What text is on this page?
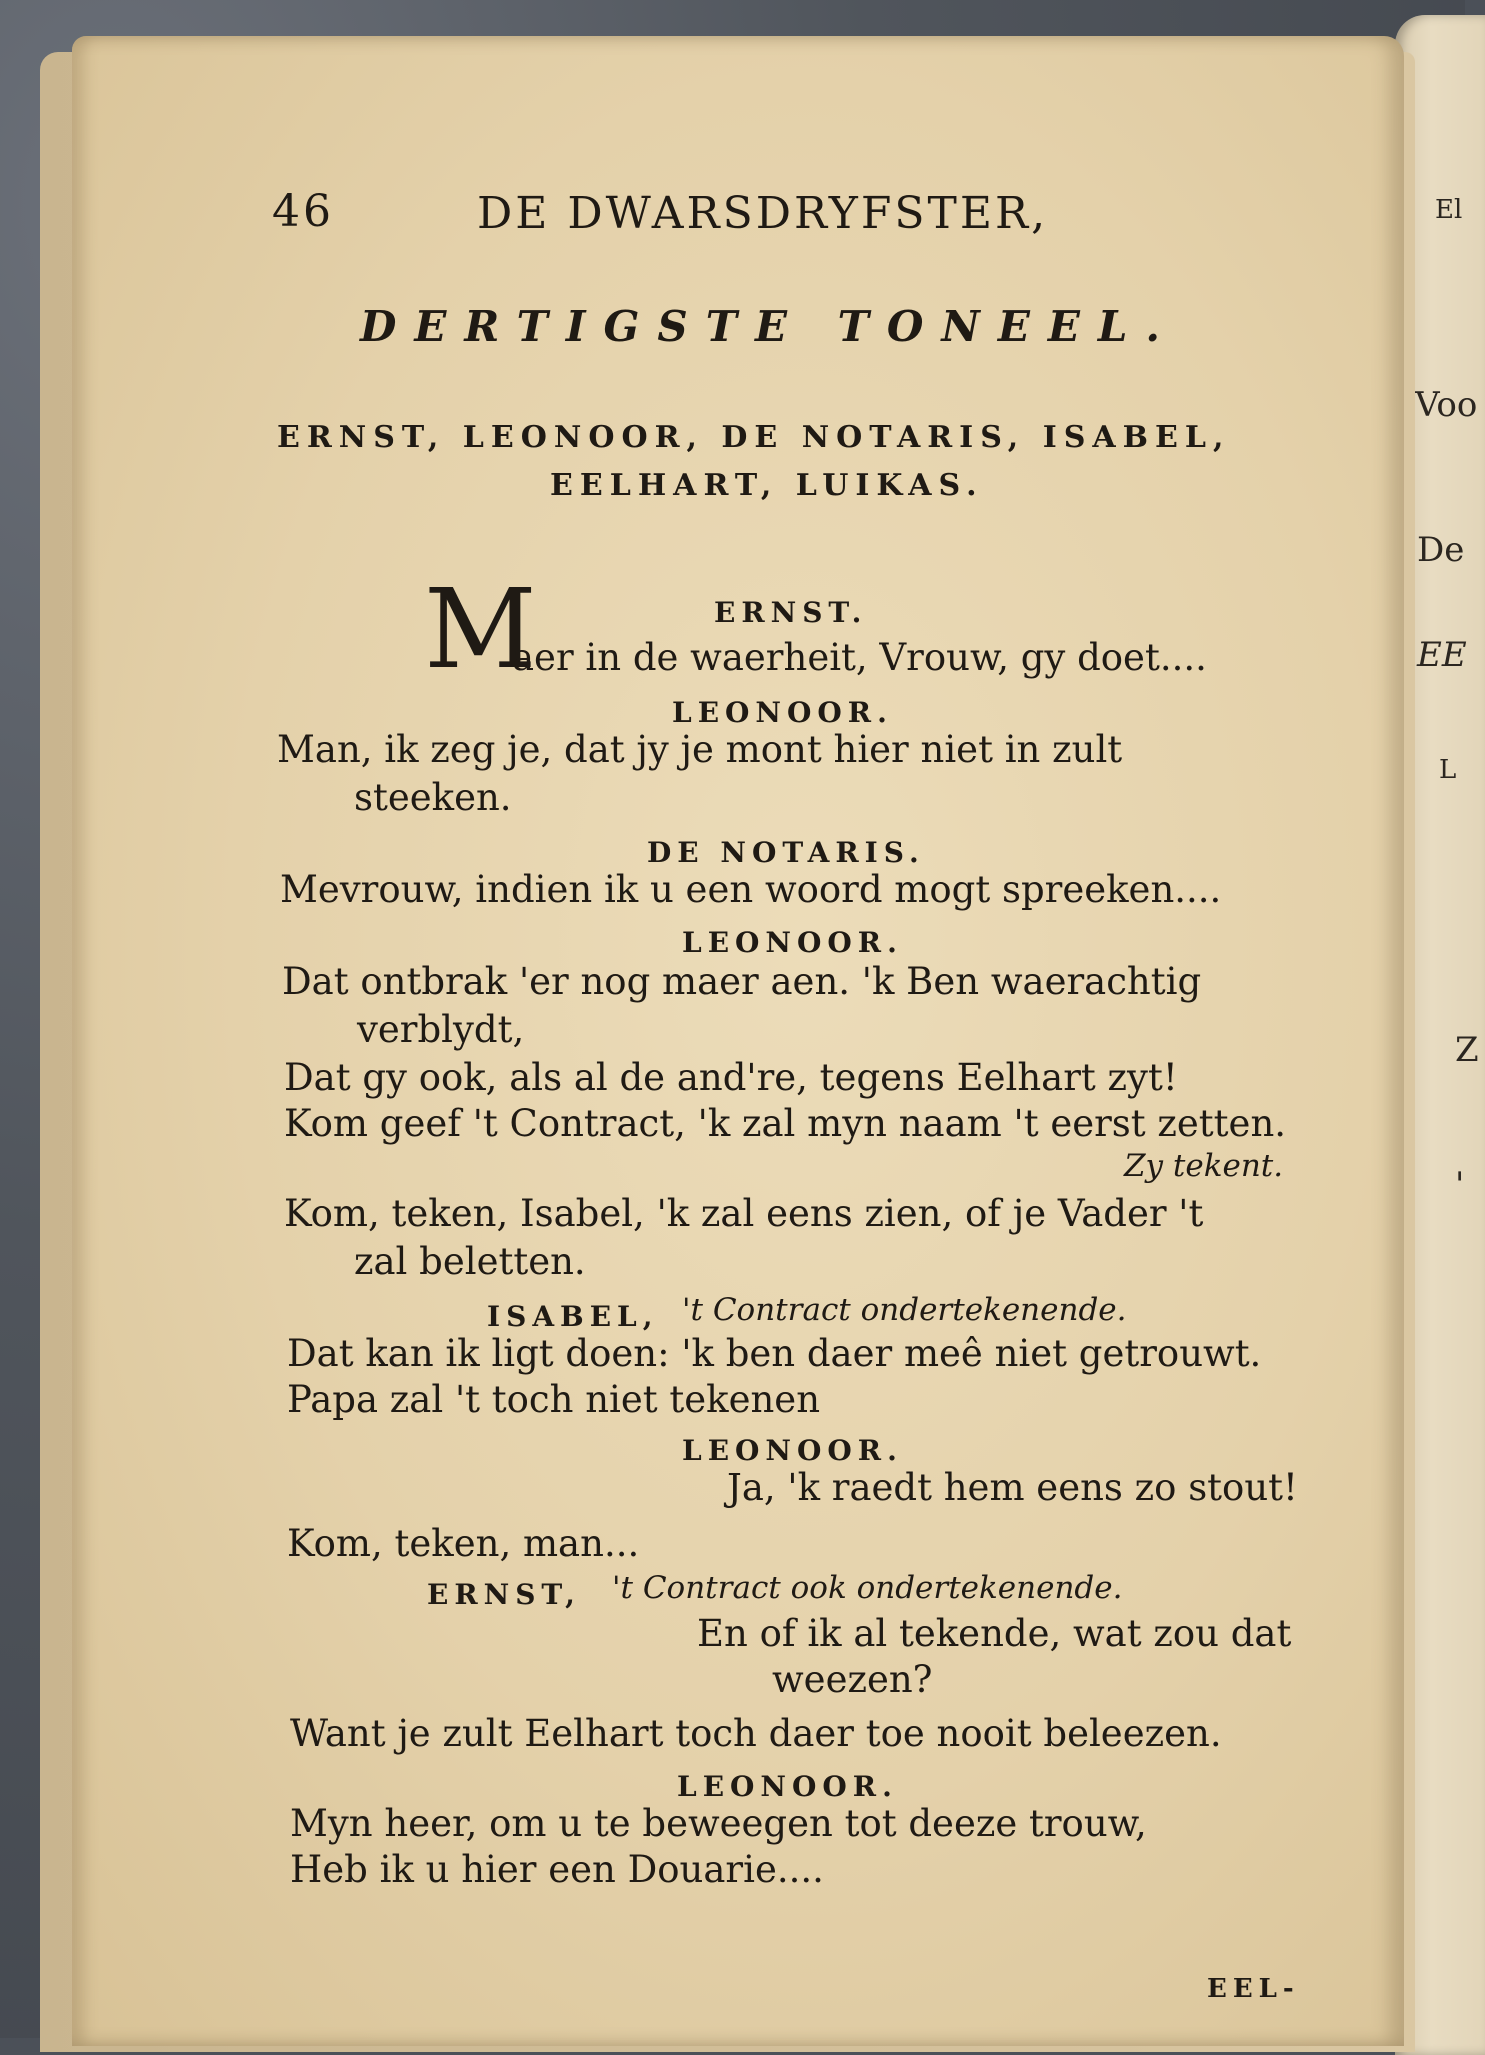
El
Voo
De
EE
L
Z
'
46	DE DWARSDRYFSTER,
DERTIGSTE TONEEL.
ERNST, LEONOOR, DE NOTARIS, ISABEL,
EELHART, LUIKAS.
ERNST.
M
aer in de waerheit, Vrouw, gy doet....
LEONOOR.
Man, ik zeg je, dat jy je mont hier niet in zult
steeken.
DE NOTARIS.
Mevrouw, indien ik u een woord mogt spreeken....
LEONOOR.
Dat ontbrak 'er nog maer aen. 'k Ben waerachtig
verblydt,
Dat gy ook, als al de and're, tegens Eelhart zyt!
Kom geef 't Contract, 'k zal myn naam 't eerst zetten.
Zy tekent.
Kom, teken, Isabel, 'k zal eens zien, of je Vader 't
zal beletten.
ISABEL, 't Contract ondertekenende.
Dat kan ik ligt doen: 'k ben daer meê niet getrouwt.
Papa zal 't toch niet tekenen
LEONOOR.
Ja, 'k raedt hem eens zo stout!
Kom, teken, man...
ERNST, 't Contract ook ondertekenende.
En of ik al tekende, wat zou dat
weezen?
Want je zult Eelhart toch daer toe nooit beleezen.
LEONOOR.
Myn heer, om u te beweegen tot deeze trouw,
Heb ik u hier een Douarie....
EEL-
